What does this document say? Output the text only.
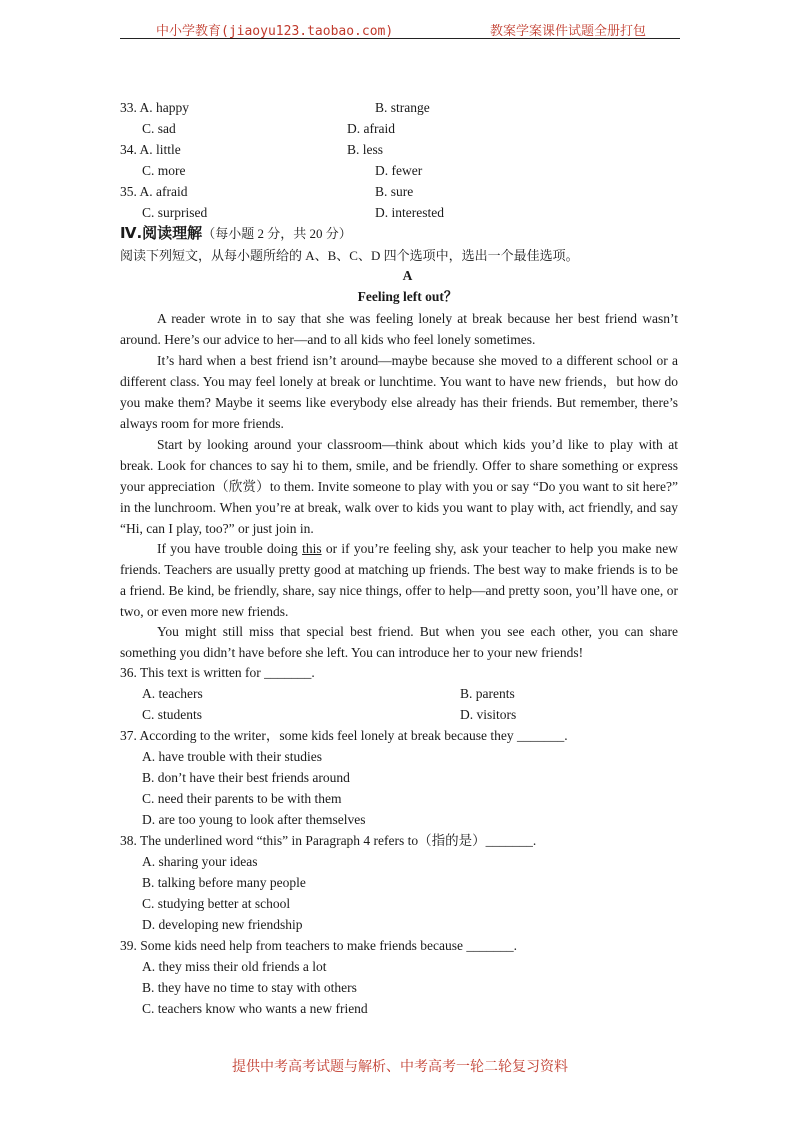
中小学教育(jiaoyu123.taobao.com)	教案学案课件试题全册打包
33. A. happy	B. strange
C. sad	D. afraid
34. A. little	B. less
C. more	D. fewer
35. A. afraid	B. sure
C. surprised	D. interested
Ⅳ.阅读理解（每小题 2 分，共 20 分）
阅读下列短文，从每小题所给的 A、B、C、D 四个选项中，选出一个最佳选项。
A
Feeling left out？
A reader wrote in to say that she was feeling lonely at break because her best friend wasn’t around. Here’s our advice to her—and to all kids who feel lonely sometimes.
It’s hard when a best friend isn’t around—maybe because she moved to a different school or a different class. You may feel lonely at break or lunchtime. You want to have new friends，but how do you make them? Maybe it seems like everybody else already has their friends. But remember, there’s always room for more friends.
Start by looking around your classroom—think about which kids you’d like to play with at break. Look for chances to say hi to them, smile, and be friendly. Offer to share something or express your appreciation（欣赏）to them. Invite someone to play with you or say “Do you want to sit here?” in the lunchroom. When you’re at break, walk over to kids you want to play with, act friendly, and say “Hi, can I play, too?” or just join in.
If you have trouble doing this or if you’re feeling shy, ask your teacher to help you make new friends. Teachers are usually pretty good at matching up friends. The best way to make friends is to be a friend. Be kind, be friendly, share, say nice things, offer to help—and pretty soon, you’ll have one, or two, or even more new friends.
You might still miss that special best friend. But when you see each other, you can share something you didn’t have before she left. You can introduce her to your new friends!
36. This text is written for _______.
A. teachers	B. parents
C. students	D. visitors
37. According to the writer，some kids feel lonely at break because they _______.
A. have trouble with their studies
B. don’t have their best friends around
C. need their parents to be with them
D. are too young to look after themselves
38. The underlined word “this” in Paragraph 4 refers to（指的是）_______.
A. sharing your ideas
B. talking before many people
C. studying better at school
D. developing new friendship
39. Some kids need help from teachers to make friends because _______.
A. they miss their old friends a lot
B. they have no time to stay with others
C. teachers know who wants a new friend
提供中考高考试题与解析、中考高考一轮二轮复习资料
